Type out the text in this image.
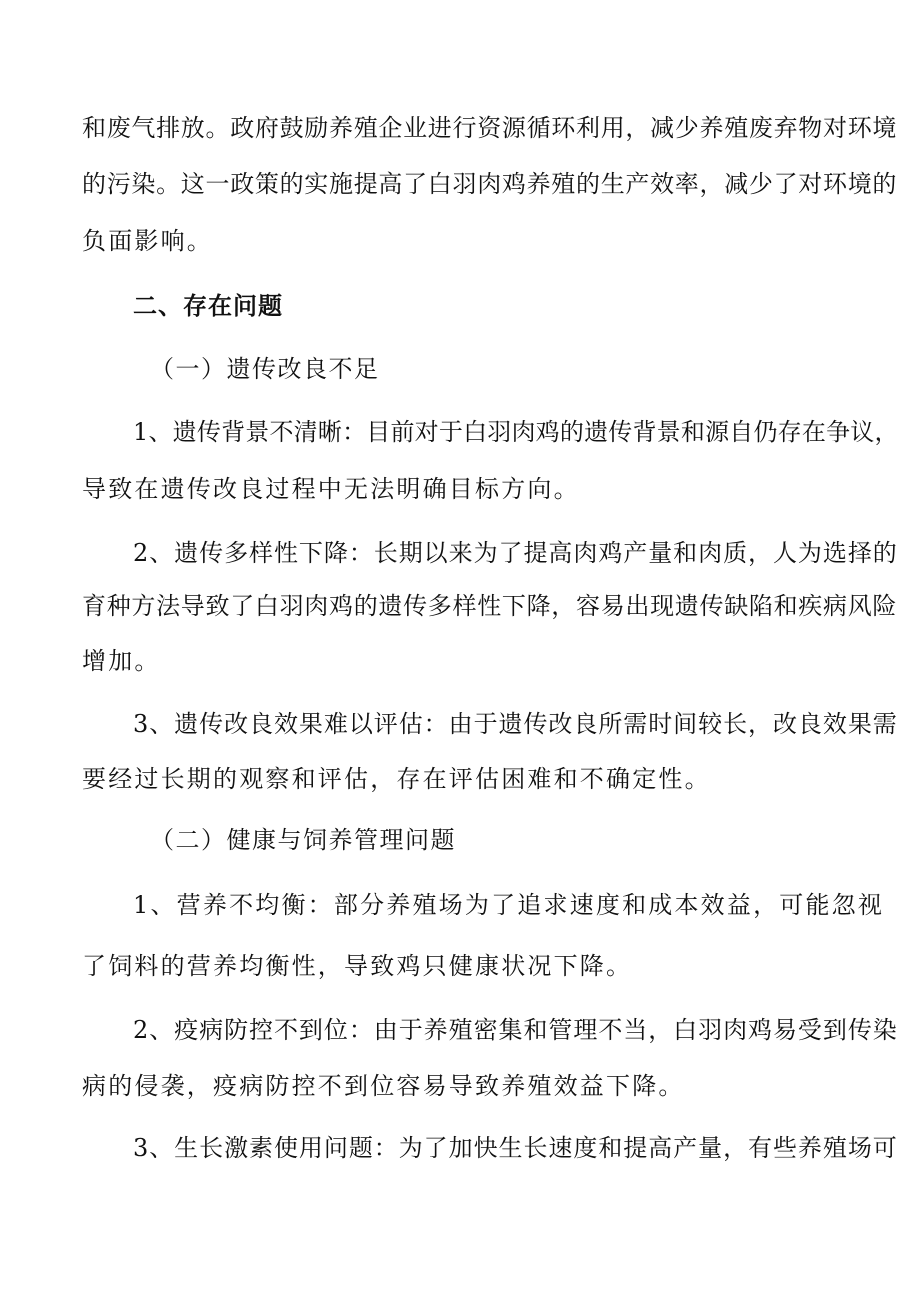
和废气排放。政府鼓励养殖企业进行资源循环利用，减少养殖废弃物对环境
的污染。这一政策的实施提高了白羽肉鸡养殖的生产效率，减少了对环境的
负面影响。
二、存在问题
（一）遗传改良不足
1、遗传背景不清晰：目前对于白羽肉鸡的遗传背景和源自仍存在争议，
导致在遗传改良过程中无法明确目标方向。
2、遗传多样性下降：长期以来为了提高肉鸡产量和肉质，人为选择的
育种方法导致了白羽肉鸡的遗传多样性下降，容易出现遗传缺陷和疾病风险
增加。
3、遗传改良效果难以评估：由于遗传改良所需时间较长，改良效果需
要经过长期的观察和评估，存在评估困难和不确定性。
（二）健康与饲养管理问题
1、营养不均衡：部分养殖场为了追求速度和成本效益，可能忽视
了饲料的营养均衡性，导致鸡只健康状况下降。
2、疫病防控不到位：由于养殖密集和管理不当，白羽肉鸡易受到传染
病的侵袭，疫病防控不到位容易导致养殖效益下降。
3、生长激素使用问题：为了加快生长速度和提高产量，有些养殖场可
